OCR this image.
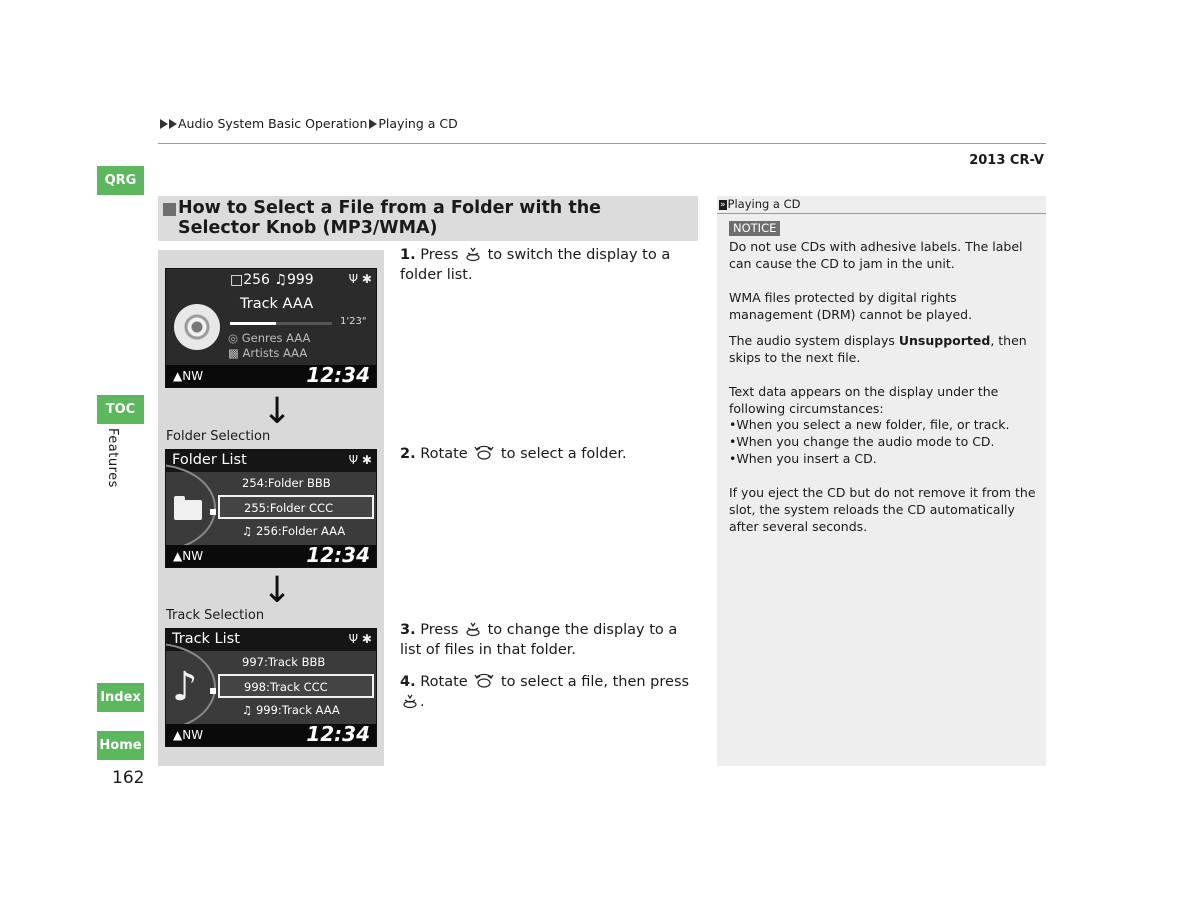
Audio System Basic Operation Playing a CD
2013 CR-V
QRG
TOC
Features
Index
Home
162
How to Select a File from a Folder with the Selector Knob (MP3/WMA)
□256 ♫999	Ψ ✱
Track AAA
1'23"
◎ Genres AAA
▩ Artists AAA
▲NW	12:34
↓
Folder Selection
Folder List	Ψ ✱
254:Folder BBB
255:Folder CCC
♫ 256:Folder AAA
▲NW	12:34
↓
Track Selection
Track List	Ψ ✱
♪
997:Track BBB
998:Track CCC
♫ 999:Track AAA
▲NW	12:34
1. Press to switch the display to a folder list.
2. Rotate to select a folder.
3. Press to change the display to a list of files in that folder.
4. Rotate to select a file, then press .
» Playing a CD
NOTICE
Do not use CDs with adhesive labels. The label can cause the CD to jam in the unit.
WMA files protected by digital rights management (DRM) cannot be played.
The audio system displays Unsupported, then skips to the next file.
Text data appears on the display under the following circumstances:
• When you select a new folder, file, or track.
• When you change the audio mode to CD.
• When you insert a CD.
If you eject the CD but do not remove it from the slot, the system reloads the CD automatically after several seconds.
